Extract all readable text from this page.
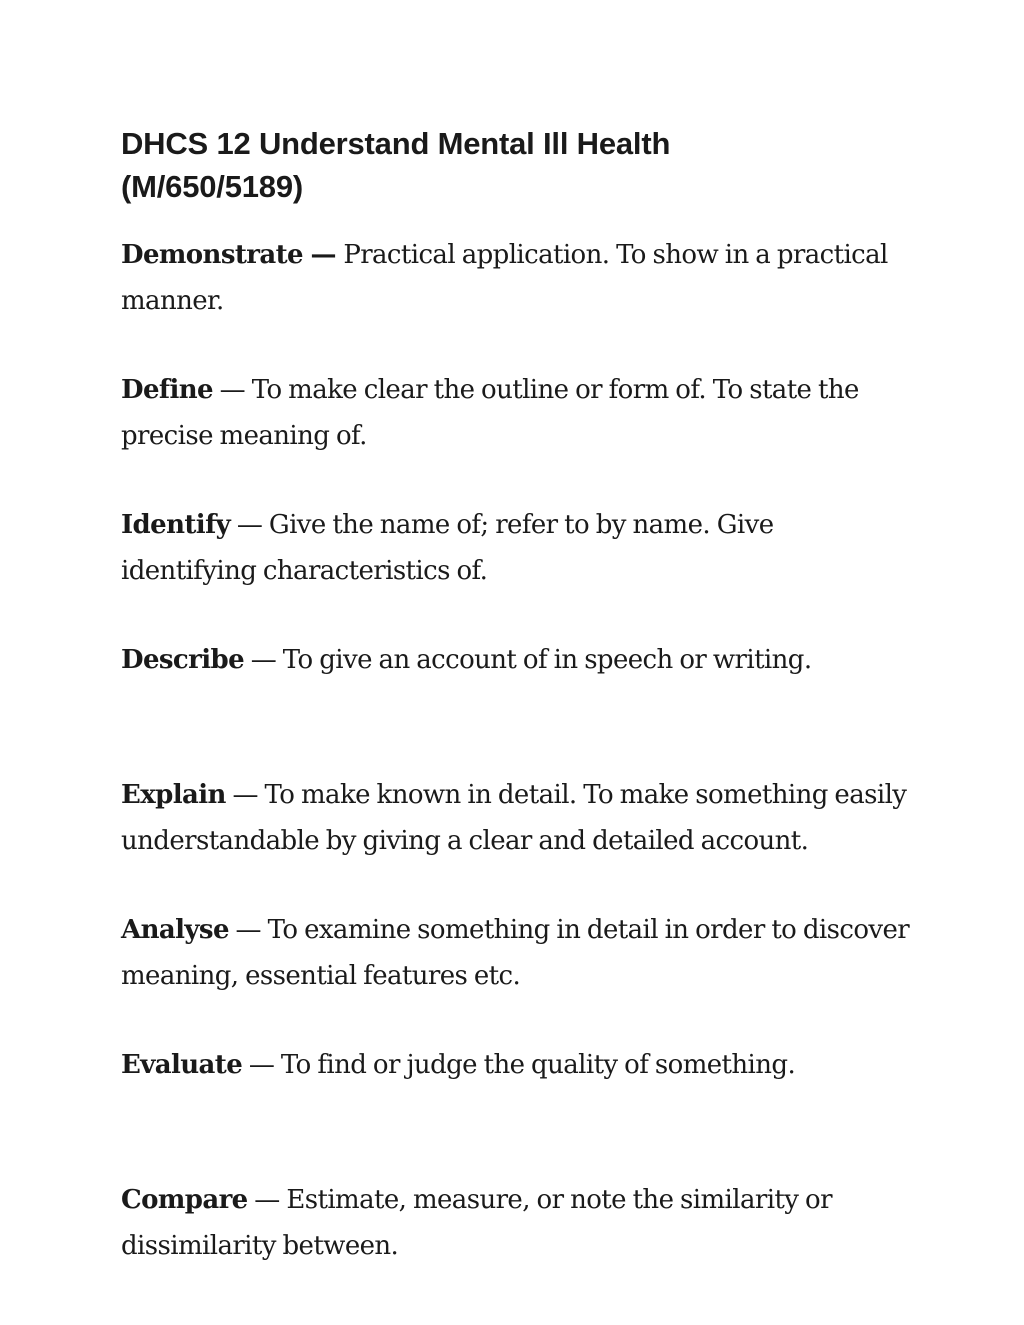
DHCS 12 Understand Mental Ill Health (M/650/5189)

Demonstrate — Practical application. To show in a practical manner.

Define — To make clear the outline or form of. To state the precise meaning of.

Identify — Give the name of; refer to by name. Give identifying characteristics of.

Describe — To give an account of in speech or writing.

Explain — To make known in detail. To make something easily understandable by giving a clear and detailed account.

Analyse — To examine something in detail in order to discover meaning, essential features etc.

Evaluate — To find or judge the quality of something.

Compare — Estimate, measure, or note the similarity or dissimilarity between.
